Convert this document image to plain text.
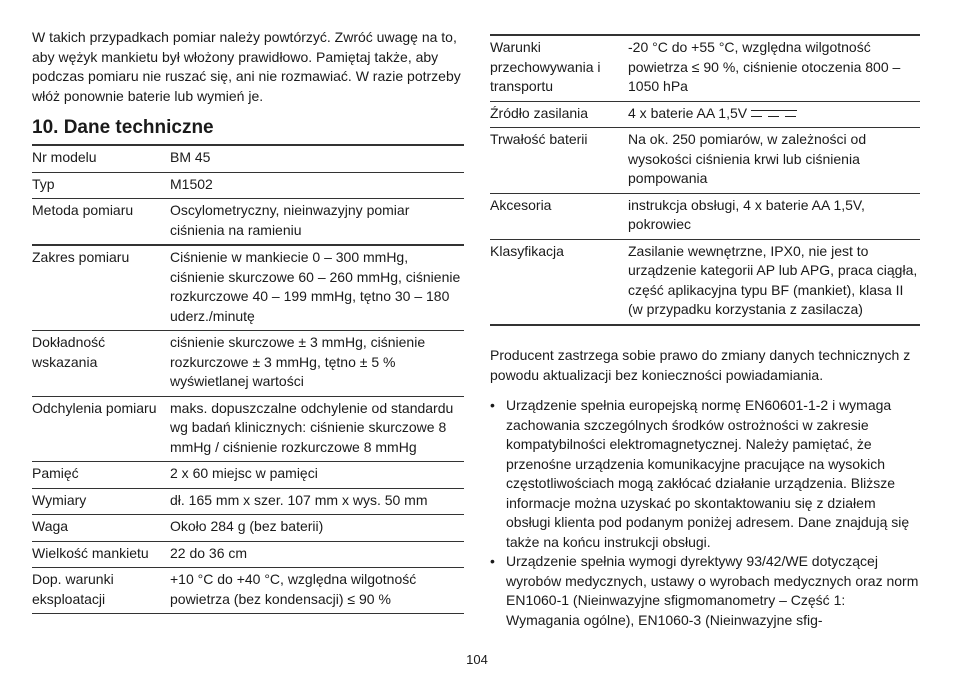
W takich przypadkach pomiar należy powtórzyć. Zwróć uwagę na to, aby wężyk mankietu był włożony prawidłowo. Pamiętaj także, aby podczas pomiaru nie ruszać się, ani nie rozmawiać. W razie potrzeby włóż ponownie baterie lub wymień je.

10. Dane techniczne
Nr modelu	BM 45
Typ	M1502
Metoda pomiaru	Oscylometryczny, nieinwazyjny pomiar ciśnienia na ramieniu
Zakres pomiaru	Ciśnienie w mankiecie 0 – 300 mmHg, ciśnienie skurczowe 60 – 260 mmHg, ciśnienie rozkurczowe 40 – 199 mmHg, tętno 30 – 180 uderz./minutę
Dokładność wskazania	ciśnienie skurczowe ± 3 mmHg, ciśnienie rozkurczowe ± 3 mmHg, tętno ± 5 % wyświetlanej wartości
Odchylenia pomiaru	maks. dopuszczalne odchylenie od standardu wg badań klinicznych: ciśnienie skurczowe 8 mmHg / ciśnienie rozkurczowe 8 mmHg
Pamięć	2 x 60 miejsc w pamięci
Wymiary	dł. 165 mm x szer. 107 mm x wys. 50 mm
Waga	Około 284 g (bez baterii)
Wielkość mankietu	22 do 36 cm
Dop. warunki eksploatacji	+10 °C do +40 °C, względna wilgotność powietrza (bez kondensacji) ≤ 90 %
Warunki przechowywania i transportu	-20 °C do +55 °C, względna wilgotność powietrza ≤ 90 %, ciśnienie otoczenia 800 – 1050 hPa
Źródło zasilania	4 x baterie AA 1,5V

Trwałość baterii	Na ok. 250 pomiarów, w zależności od wysokości ciśnienia krwi lub ciśnienia pompowania
Akcesoria	instrukcja obsługi, 4 x baterie AA 1,5V, pokrowiec
Klasyfikacja	Zasilanie wewnętrzne, IPX0, nie jest to urządzenie kategorii AP lub APG, praca ciągła, część aplikacyjna typu BF (mankiet), klasa II (w przypadku korzystania z zasilacza)

Producent zastrzega sobie prawo do zmiany danych technicznych z powodu aktualizacji bez konieczności powiadamiania.

• Urządzenie spełnia europejską normę EN60601-1-2 i wymaga zachowania szczególnych środków ostrożności w zakresie kompatybilności elektromagnetycznej. Należy pamiętać, że przenośne urządzenia komunikacyjne pracujące na wysokich częstotliwościach mogą zakłócać działanie urządzenia. Bliższe informacje można uzyskać po skontaktowaniu się z działem obsługi klienta pod podanym poniżej adresem. Dane znajdują się także na końcu instrukcji obsługi.
• Urządzenie spełnia wymogi dyrektywy 93/42/WE dotyczącej wyrobów medycznych, ustawy o wyrobach medycznych oraz norm EN1060-1 (Nieinwazyjne sfigmomanometry – Część 1: Wymagania ogólne), EN1060-3 (Nieinwazyjne sfig-
104
